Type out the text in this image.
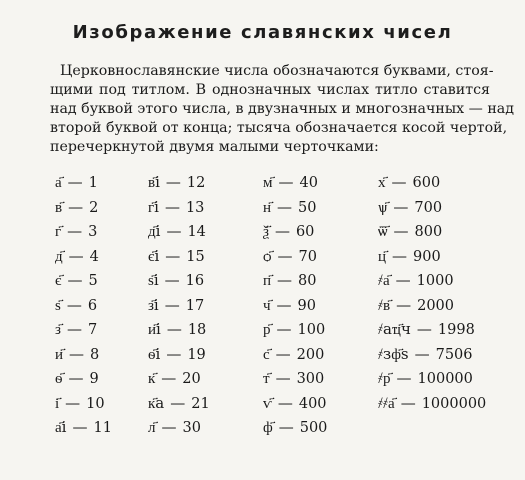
Изображение славянских чисел
Церковнославянские числа обозначаются буквами, стоя-
щими под титлом. В однозначных числах титло ставится
над буквой этого числа, в двузначных и многозначных — над
второй буквой от конца; тысяча обозначается косой чертой,
перечеркнутой двумя малыми черточками:
а҃ — 1
в҃ — 2
г҃ — 3
д҃ — 4
є҃ — 5
ѕ҃ — 6
з҃ — 7
и҃ — 8
ѳ҃ — 9
і҃ — 10
а҃і — 11
в҃і — 12
г҃і — 13
д҃і — 14
є҃і — 15
ѕ҃і — 16
з҃і — 17
и҃і — 18
ѳ҃і — 19
к҃ — 20
к҃а — 21
л҃ — 30
м҃ — 40
н҃ — 50
ѯ҃ — 60
ѻ҃ — 70
п҃ — 80
ч҃ — 90
р҃ — 100
с҃ — 200
т҃ — 300
ѵ҃ — 400
ф҃ — 500
х҃ — 600
ѱ҃ — 700
ѿ҃ — 800
ц҃ — 900
҂а҃ — 1000
҂в҃ — 2000
҂аҵ҃ч — 1998
҂зф҃ѕ — 7506
҂р҃ — 100000
҂҂а҃ — 1000000
